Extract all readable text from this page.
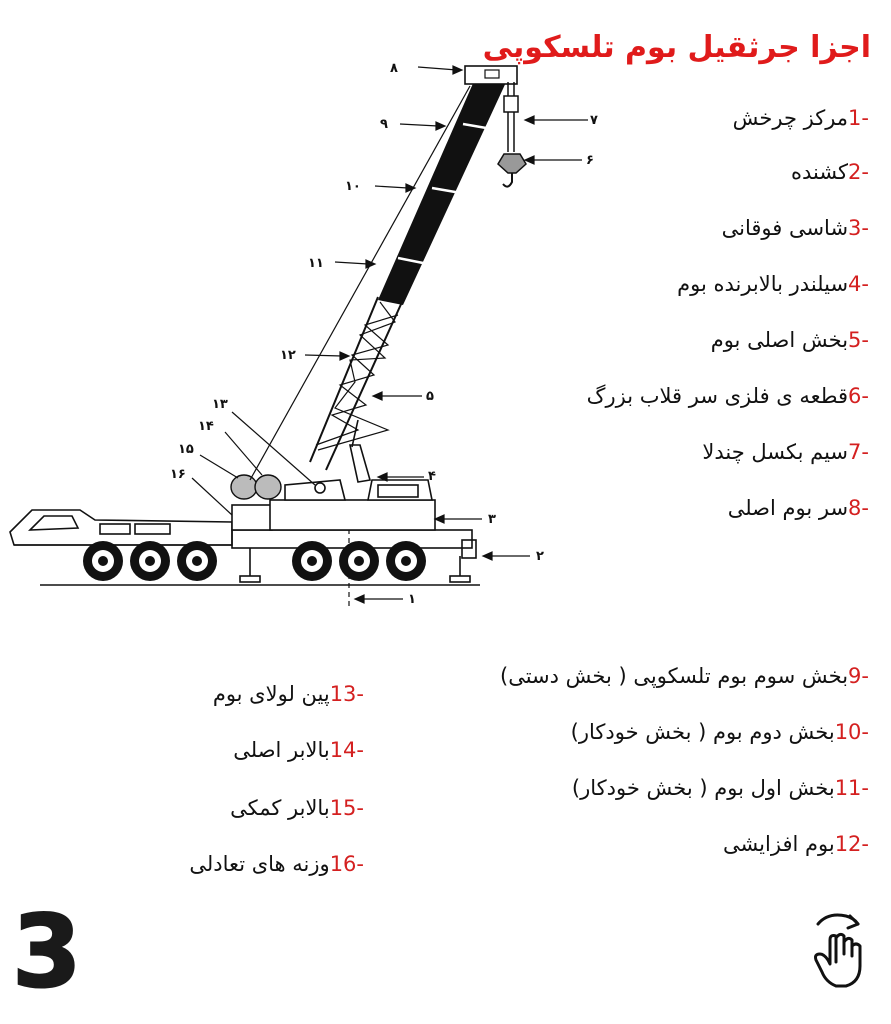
۸
۹
۱۰
۱۱
۱۲
۵
۱۳
۱۴
۱۵
۴
۱۶
۳
۲
۱
۷
۶
اجزا جرثقیل بوم تلسکوپی
-1مرکز چرخش
-2کشنده
-3شاسی فوقانی
-4سیلندر بالابرنده بوم
-5بخش اصلی بوم
-6قطعه ی فلزی سر قلاب بزرگ
-7سیم بکسل چندلا
-8سر بوم اصلی
-9بخش سوم بوم تلسکوپی ( بخش دستی)
-10بخش دوم بوم ( بخش خودکار)
-11بخش اول بوم ( بخش خودکار)
-12بوم افزایشی
-13پین لولای بوم
-14بالابر اصلی
-15بالابر کمکی
-16وزنه های تعادلی
3
